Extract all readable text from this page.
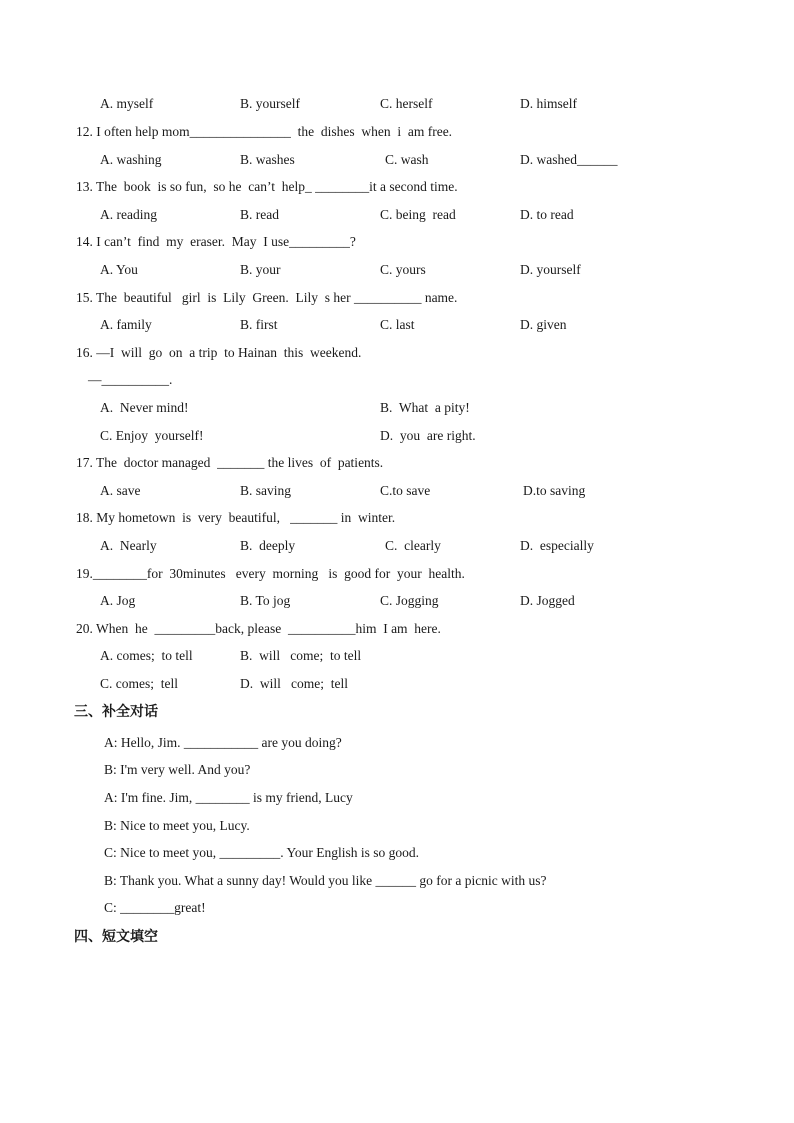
A. myself	B. yourself	C. herself	D. himself
12. I often help mom_______________  the  dishes  when  i  am free.
A. washing	B. washes	C. wash	D. washed______
13. The  book  is so fun,  so he  can’t  help_ ________it a second time.
A. reading	B. read	C. being  read	D. to read
14. I can’t  find  my  eraser.  May  I use_________?
A. You	B. your	C. yours	D. yourself
15. The  beautiful   girl  is  Lily  Green.  Lily  s her __________ name.
A. family	B. first	C. last	D. given
16. —I  will  go  on  a trip  to Hainan  this  weekend.
—__________.
A.  Never mind!	B.  What  a pity!
C. Enjoy  yourself!	D.  you  are right.
17. The  doctor managed  _______ the lives  of  patients.
A. save	B. saving	C.to save	D.to saving
18. My hometown  is  very  beautiful,   _______ in  winter.
A.  Nearly	B.  deeply	C.  clearly	D.  especially
19.________for  30minutes   every  morning   is  good for  your  health.
A. Jog	B. To jog	C. Jogging	D. Jogged
20. When  he  _________back, please  __________him  I am  here.
A. comes;  to tell	B.  will   come;  to tell
C. comes;  tell	D.  will   come;  tell
三、补全对话
A: Hello, Jim. ___________ are you doing?
B: I'm very well. And you?
A: I'm fine. Jim, ________ is my friend, Lucy
B: Nice to meet you, Lucy.
C: Nice to meet you, _________. Your English is so good.
B: Thank you. What a sunny day! Would you like ______ go for a picnic with us?
C: ________great!
四、短文填空
